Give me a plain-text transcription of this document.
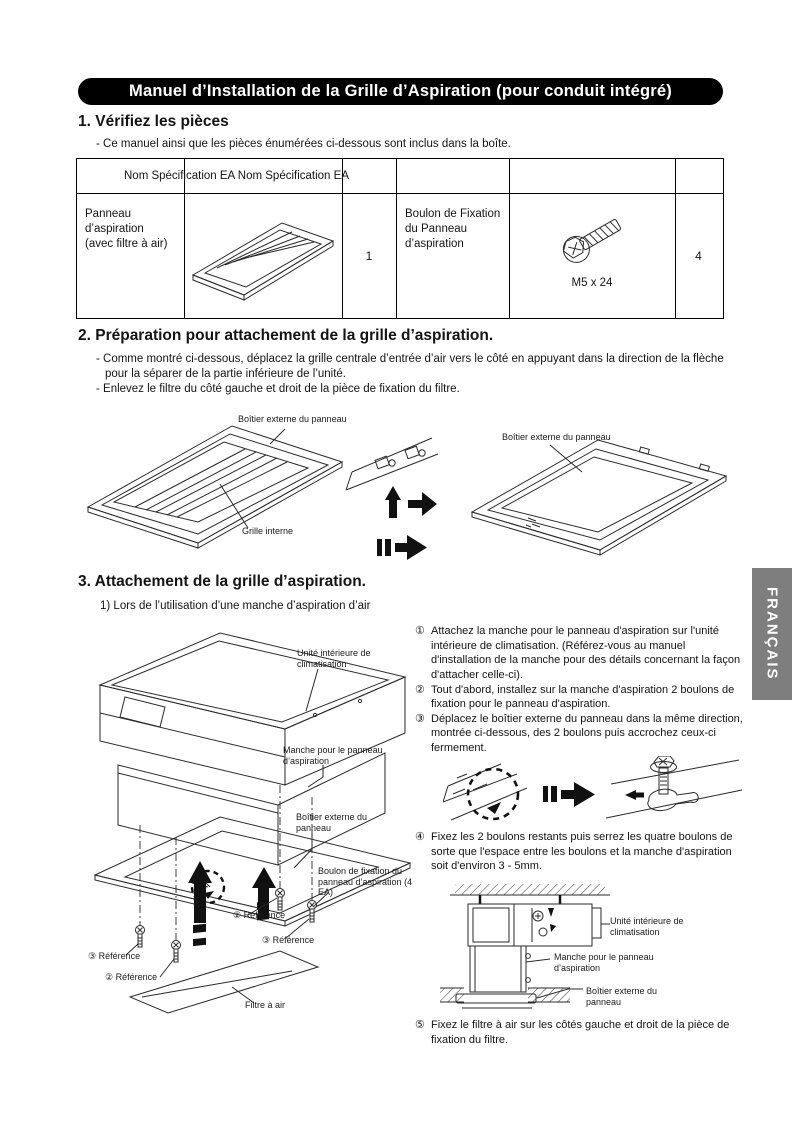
Manuel d’Installation de la Grille d’Aspiration (pour conduit intégré)
1. Vérifiez les pièces
- Ce manuel ainsi que les pièces énumérées ci-dessous sont inclus dans la boîte.
Nom Spécification EA Nom Spécification EA
Panneau d’aspiration (avec filtre à air)
1
Boulon de Fixation du Panneau d’aspiration
M5 x 24
4
2. Préparation pour attachement de la grille d’aspiration.
- Comme montré ci-dessous, déplacez la grille centrale d’entrée d’air vers le côté en appuyant dans la direction de la flèche pour la séparer de la partie inférieure de l’unité.
- Enlevez le filtre du côté gauche et droit de la pièce de fixation du filtre.
Boîtier externe du panneau
Grille interne
Boîtier externe du panneau
3. Attachement de la grille d’aspiration.
1) Lors de l’utilisation d’une manche d’aspiration d’air	FRANÇAIS
① Attachez la manche pour le panneau d'aspiration sur l'unité intérieure de climatisation. (Référez-vous au manuel d'installation de la manche pour des détails concernant la façon d'attacher celle-ci).
② Tout d'abord, installez sur la manche d'aspiration 2 boulons de fixation pour le panneau d'aspiration.
③ Déplacez le boîtier externe du panneau dans la même direction, montrée ci-dessous, des 2 boulons puis accrochez ceux-ci fermement.
④ Fixez les 2 boulons restants puis serrez les quatre boulons de sorte que l'espace entre les boulons et la manche d'aspiration soit d'environ 3 - 5mm.
Unité intérieure de climatisation
Manche pour le panneau d’aspiration
Boîtier externe du panneau
⑤ Fixez le filtre à air sur les côtés gauche et droit de la pièce de fixation du filtre.
Unité intérieure de climatisation
Manche pour le panneau d’aspiration
Boîtier externe du panneau
Boulon de fixation du panneau d’aspiration (4 EA)
② Référence
③ Référence
③ Référence
② Référence
Filtre à air
